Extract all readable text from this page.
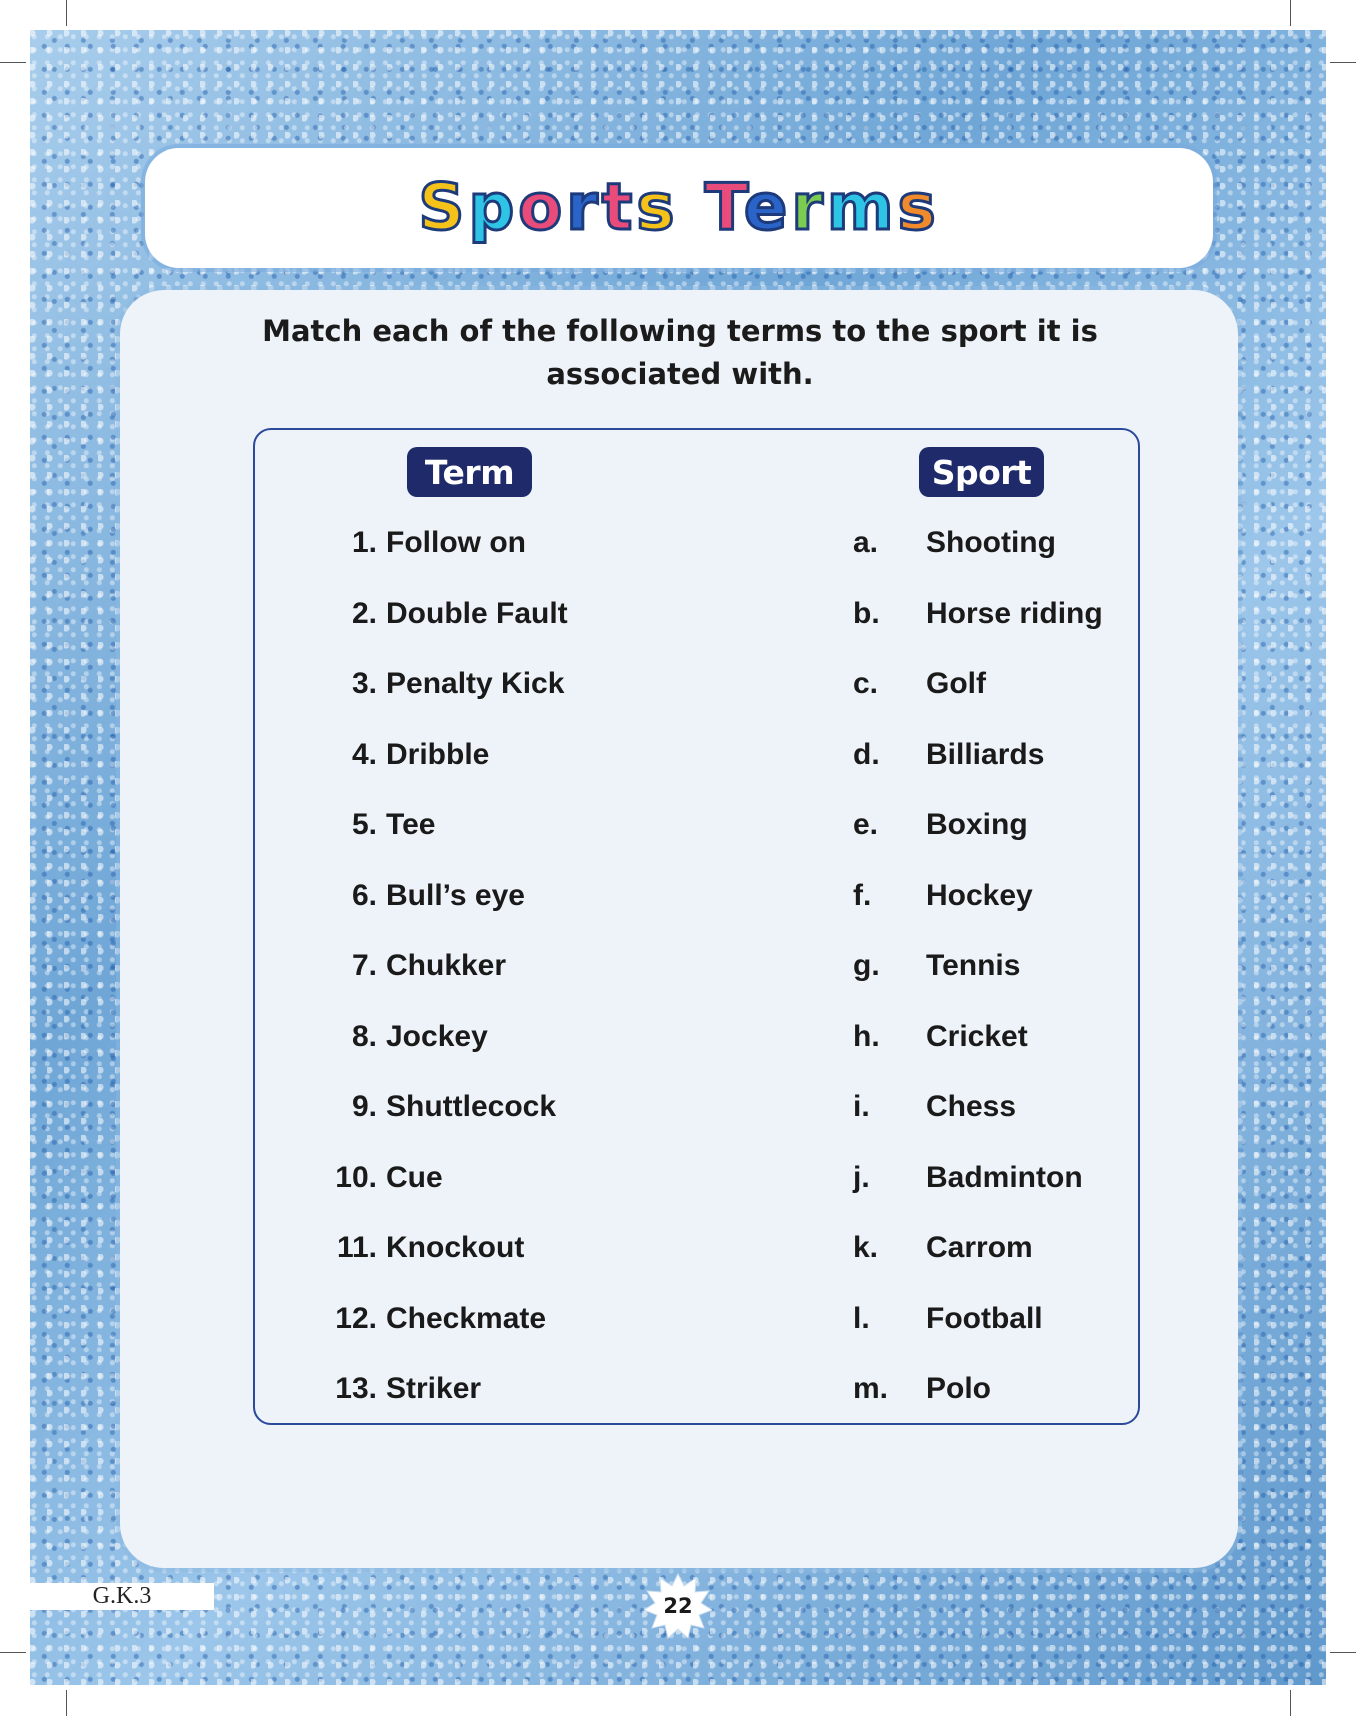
Sports Terms

Match each of the following terms to the sport it is associated with.

Term	Sport
1. Follow on
2. Double Fault
3. Penalty Kick
4. Dribble
5. Tee
6. Bull’s eye
7. Chukker
8. Jockey
9. Shuttlecock
10. Cue
11. Knockout
12. Checkmate
13. Striker
a. Shooting
b. Horse riding
c. Golf
d. Billiards
e. Boxing
f. Hockey
g. Tennis
h. Cricket
i. Chess
j. Badminton
k. Carrom
l. Football
m. Polo
G.K.3	22
